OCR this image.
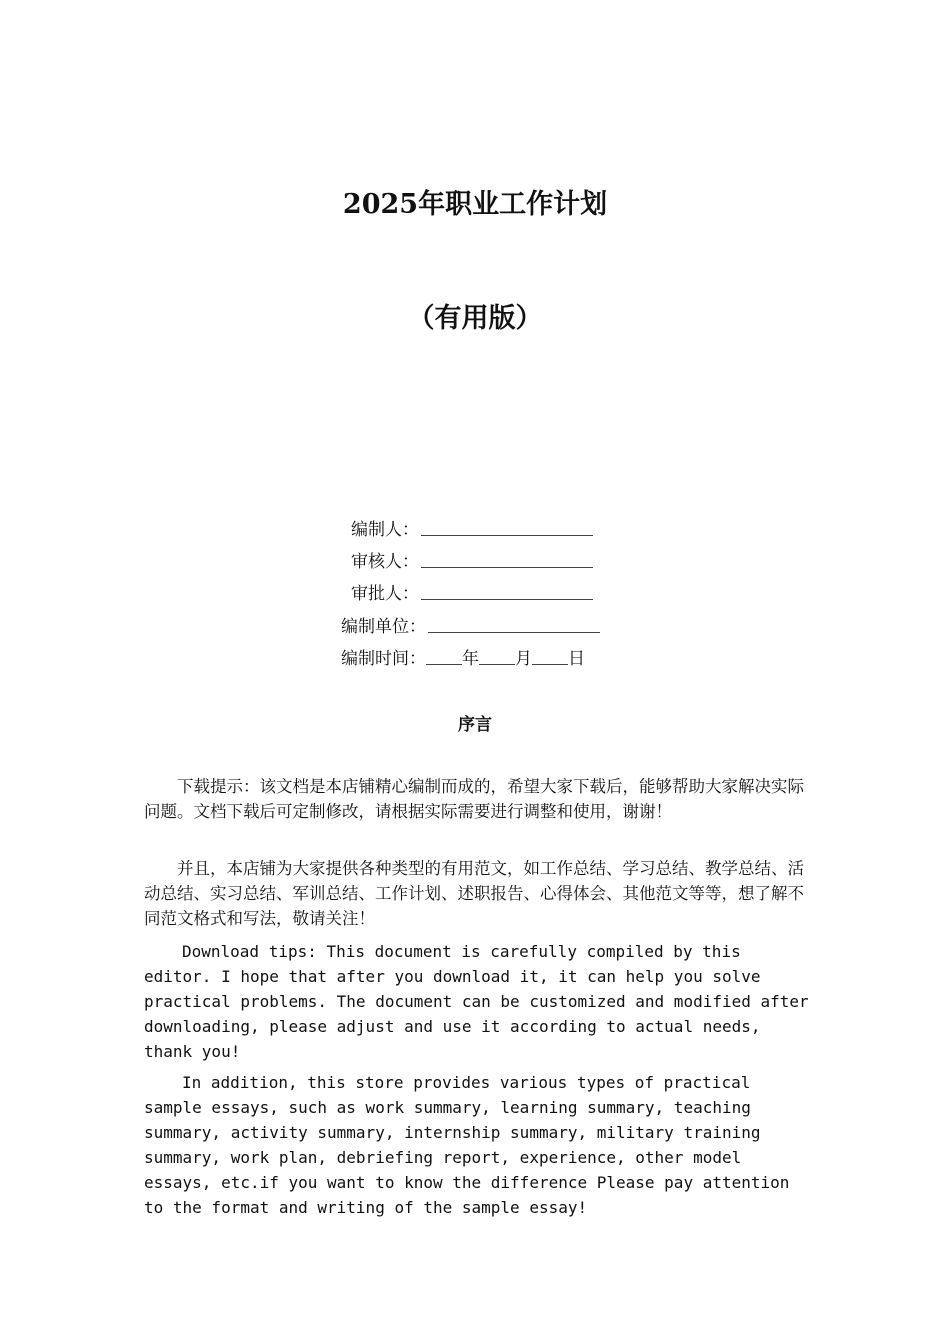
2025年职业工作计划
（有用版）
编制人：
审核人：
审批人：
编制单位：
编制时间： 年 月 日
序言

下载提示：该文档是本店铺精心编制而成的，希望大家下载后，能够帮助大家解决实际问题。文档下载后可定制修改，请根据实际需要进行调整和使用，谢谢！

并且，本店铺为大家提供各种类型的有用范文，如工作总结、学习总结、教学总结、活动总结、实习总结、军训总结、工作计划、述职报告、心得体会、其他范文等等，想了解不同范文格式和写法，敬请关注！

Download tips: This document is carefully compiled by this editor. I hope that after you download it, it can help you solve practical problems. The document can be customized and modified after downloading, please adjust and use it according to actual needs, thank you!

In addition, this store provides various types of practical sample essays, such as work summary, learning summary, teaching summary, activity summary, internship summary, military training summary, work plan, debriefing report, experience, other model essays, etc.if you want to know the difference Please pay attention to the format and writing of the sample essay!
